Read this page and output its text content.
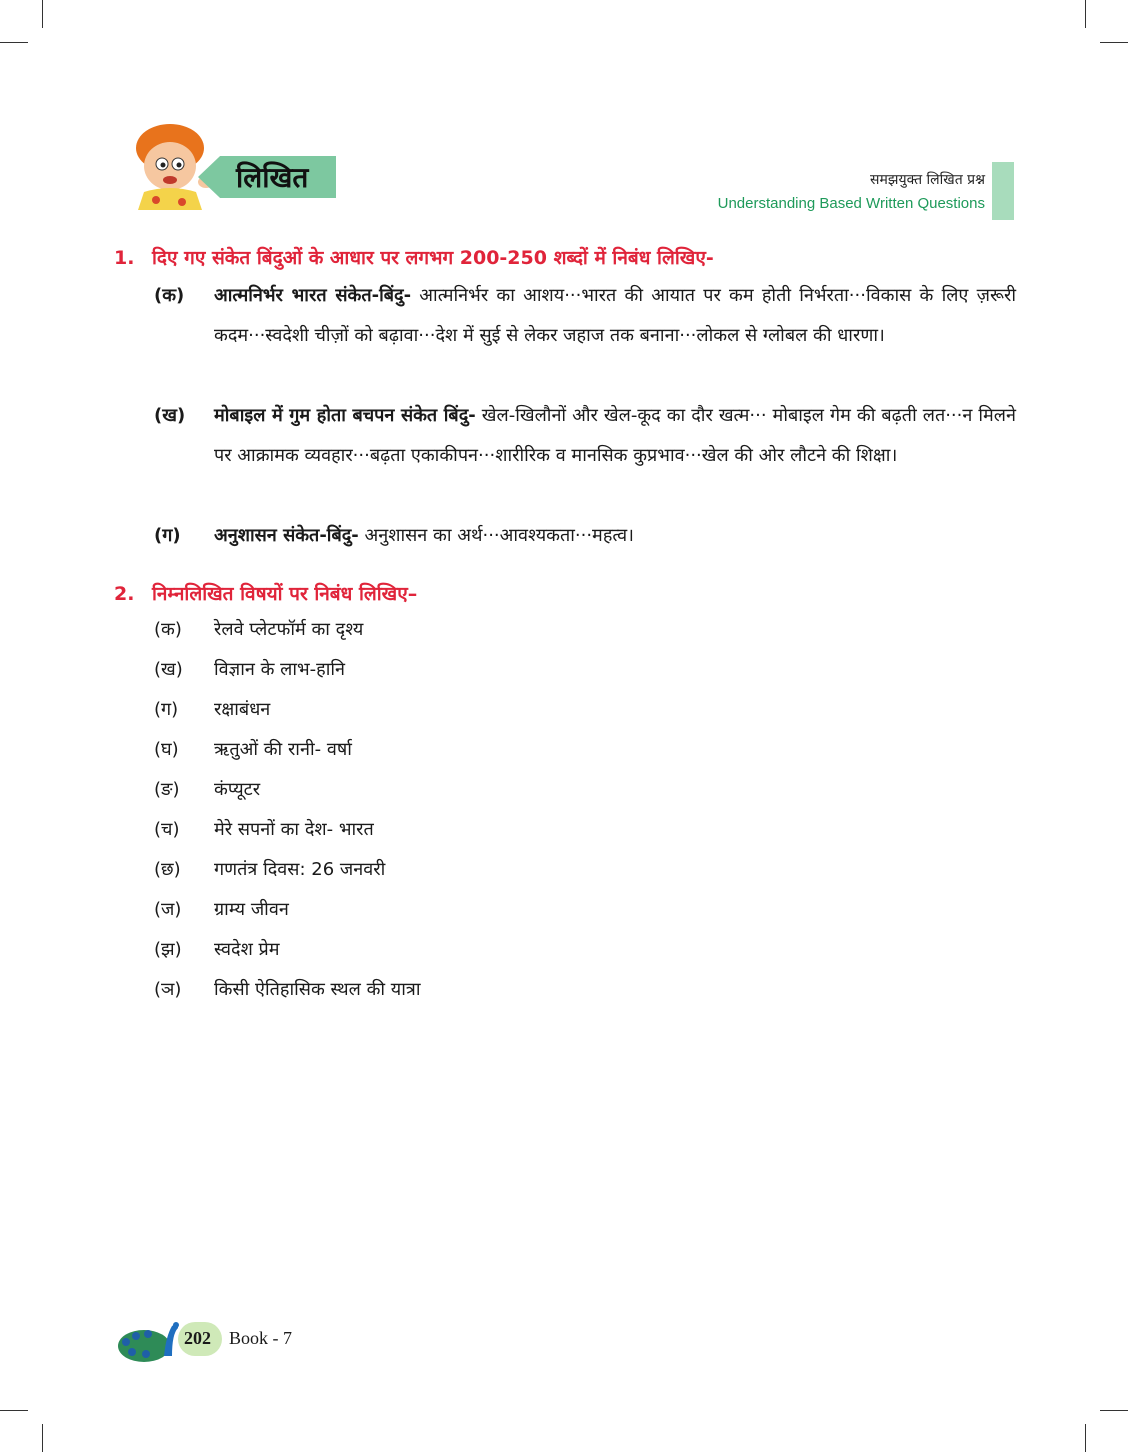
लिखित	समझयुक्त लिखित प्रश्न
Understanding Based Written Questions
1. दिए गए संकेत बिंदुओं के आधार पर लगभग 200-250 शब्दों में निबंध लिखिए-
(क) आत्मनिर्भर भारत संकेत-बिंदु- आत्मनिर्भर का आशय···भारत की आयात पर कम होती निर्भरता···विकास के लिए ज़रूरी कदम···स्वदेशी चीज़ों को बढ़ावा···देश में सुई से लेकर जहाज तक बनाना···लोकल से ग्लोबल की धारणा।
(ख) मोबाइल में गुम होता बचपन संकेत बिंदु- खेल-खिलौनों और खेल-कूद का दौर खत्म··· मोबाइल गेम की बढ़ती लत···न मिलने पर आक्रामक व्यवहार···बढ़ता एकाकीपन···शारीरिक व मानसिक कुप्रभाव···खेल की ओर लौटने की शिक्षा।
(ग) अनुशासन संकेत-बिंदु- अनुशासन का अर्थ···आवश्यकता···महत्व।
2. निम्नलिखित विषयों पर निबंध लिखिए–
(क) रेलवे प्लेटफॉर्म का दृश्य
(ख) विज्ञान के लाभ-हानि
(ग) रक्षाबंधन
(घ) ऋतुओं की रानी- वर्षा
(ङ) कंप्यूटर
(च) मेरे सपनों का देश- भारत
(छ) गणतंत्र दिवस: 26 जनवरी
(ज) ग्राम्य जीवन
(झ) स्वदेश प्रेम
(ञ) किसी ऐतिहासिक स्थल की यात्रा
202 Book - 7
